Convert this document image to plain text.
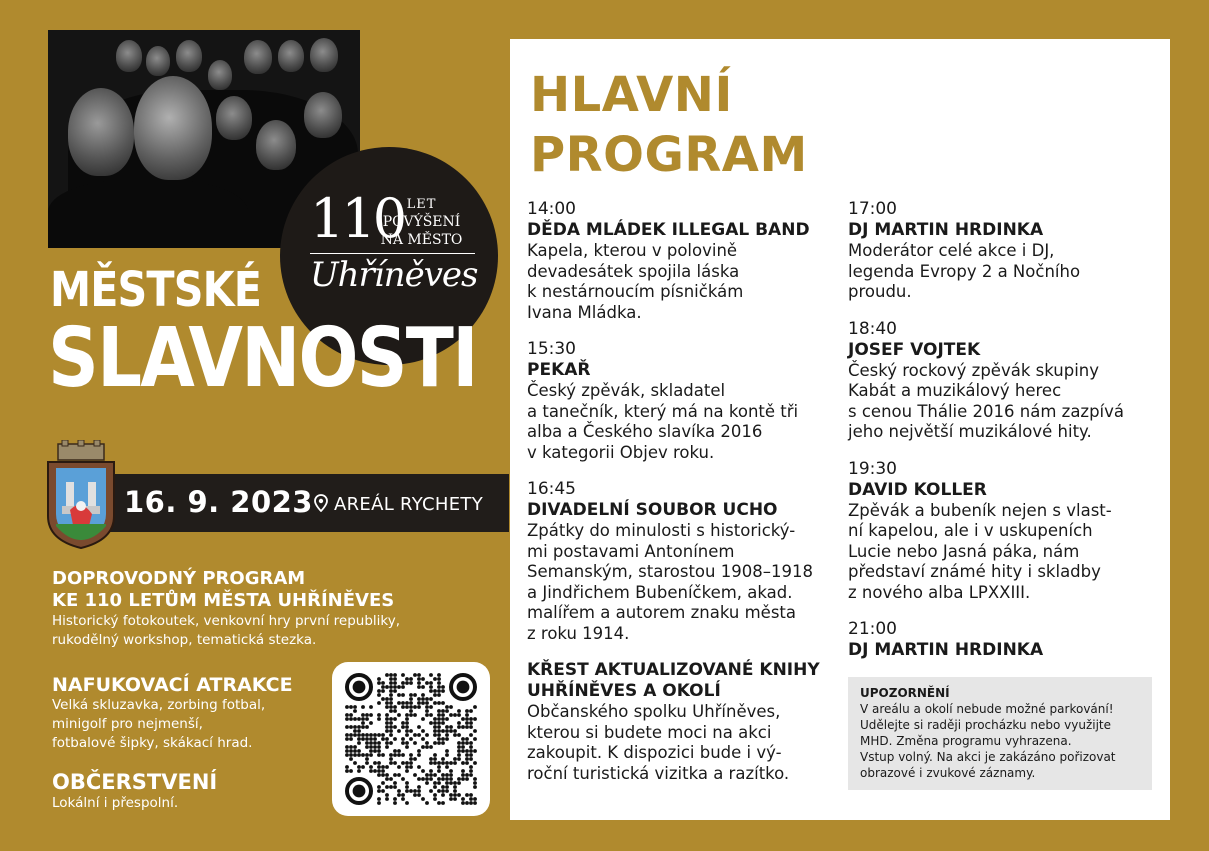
110 LET
POVÝŠENÍ
NA MĚSTO
Uhříněves
MĚSTSKÉ
SLAVNOSTI
16. 9. 2023 AREÁL RYCHETY
DOPROVODNÝ PROGRAM
KE 110 LETŮM MĚSTA UHŘÍNĚVES
Historický fotokoutek, venkovní hry první republiky,
rukodělný workshop, tematická stezka.
NAFUKOVACÍ ATRAKCE
Velká skluzavka, zorbing fotbal,
minigolf pro nejmenší,
fotbalové šipky, skákací hrad.
OBČERSTVENÍ
Lokální i přespolní.
HLAVNÍ
PROGRAM
14:00
DĚDA MLÁDEK ILLEGAL BAND
Kapela, kterou v polovině
devadesátek spojila láska
k nestárnoucím písničkám
Ivana Mládka.
15:30
PEKAŘ
Český zpěvák, skladatel
a tanečník, který má na kontě tři
alba a Českého slavíka 2016
v kategorii Objev roku.
16:45
DIVADELNÍ SOUBOR UCHO
Zpátky do minulosti s historický-
mi postavami Antonínem
Semanským, starostou 1908–1918
a Jindřichem Bubeníčkem, akad.
malířem a autorem znaku města
z roku 1914.
KŘEST AKTUALIZOVANÉ KNIHY
UHŘÍNĚVES A OKOLÍ
Občanského spolku Uhříněves,
kterou si budete moci na akci
zakoupit. K dispozici bude i vý-
roční turistická vizitka a razítko.
17:00
DJ MARTIN HRDINKA
Moderátor celé akce i DJ,
legenda Evropy 2 a Nočního
proudu.
18:40
JOSEF VOJTEK
Český rockový zpěvák skupiny
Kabát a muzikálový herec
s cenou Thálie 2016 nám zazpívá
jeho největší muzikálové hity.
19:30
DAVID KOLLER
Zpěvák a bubeník nejen s vlast-
ní kapelou, ale i v uskupeních
Lucie nebo Jasná páka, nám
představí známé hity i skladby
z nového alba LPXXIII.
21:00
DJ MARTIN HRDINKA
UPOZORNĚNÍ
V areálu a okolí nebude možné parkování!
Udělejte si raději procházku nebo využijte
MHD. Změna programu vyhrazena.
Vstup volný. Na akci je zakázáno pořizovat
obrazové i zvukové záznamy.
